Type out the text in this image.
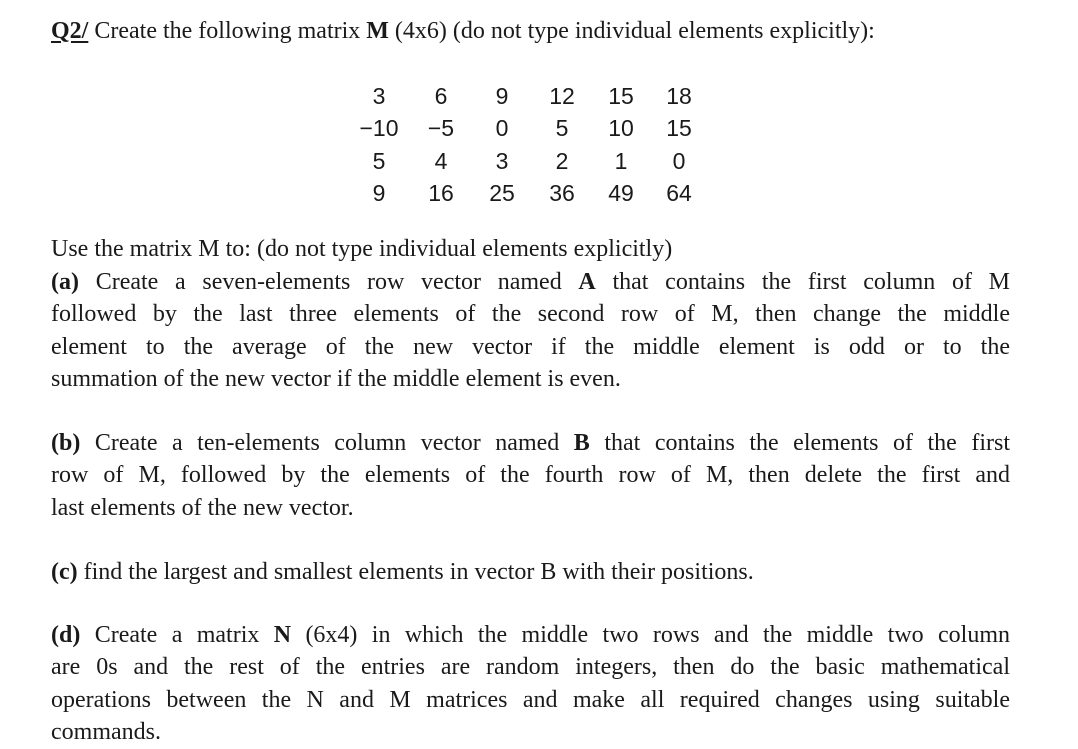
Q2/ Create the following matrix M (4x6) (do not type individual elements explicitly):
3	6	9	12	15	18
−10	−5	0	5	10	15
5	4	3	2	1	0
9	16	25	36	49	64
Use the matrix M to: (do not type individual elements explicitly)
(a) Create a seven-elements row vector named A that contains the first column of M
followed by the last three elements of the second row of M, then change the middle
element to the average of the new vector if the middle element is odd or to the
summation of the new vector if the middle element is even.
(b) Create a ten-elements column vector named B that contains the elements of the first
row of M, followed by the elements of the fourth row of M, then delete the first and
last elements of the new vector.
(c) find the largest and smallest elements in vector B with their positions.
(d) Create a matrix N (6x4) in which the middle two rows and the middle two column
are 0s and the rest of the entries are random integers, then do the basic mathematical
operations between the N and M matrices and make all required changes using suitable
commands.
